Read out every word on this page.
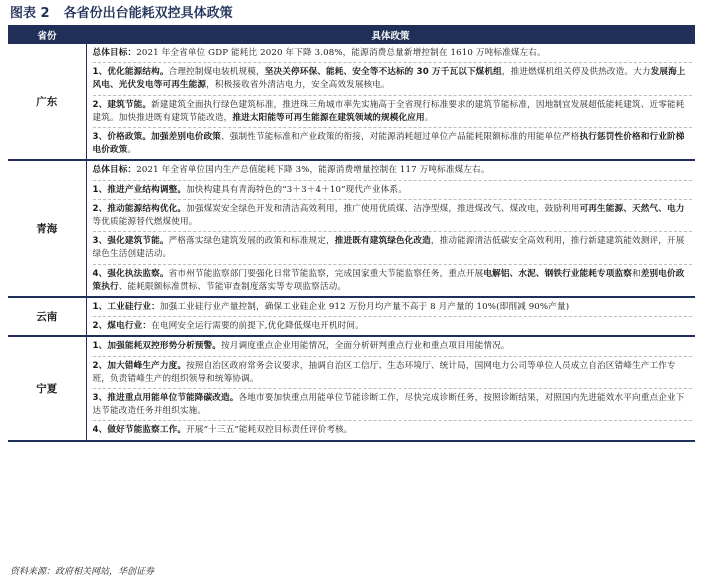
图表 2 各省份出台能耗双控具体政策
省份	具体政策
广东	总体目标：2021 年全省单位 GDP 能耗比 2020 年下降 3.08%，能源消费总量新增控制在 1610 万吨标准煤左右。
1、优化能源结构。合理控制煤电装机规模，坚决关停环保、能耗、安全等不达标的 30 万千瓦以下煤机组，推进燃煤机组关停及供热改造。大力发展海上风电、光伏发电等可再生能源，积极接收省外清洁电力，安全高效发展核电。
2、建筑节能。新建建筑全面执行绿色建筑标准，推进珠三角城市率先实施高于全省现行标准要求的建筑节能标准，因地制宜发展超低能耗建筑、近零能耗建筑。加快推进既有建筑节能改造，推进太阳能等可再生能源在建筑领域的规模化应用。
3、价格政策。加强差别电价政策、强制性节能标准和产业政策的衔接，对能源消耗超过单位产品能耗限额标准的用能单位严格执行惩罚性价格和行业阶梯电价政策。

青海	总体目标：2021 年全省单位国内生产总值能耗下降 3%，能源消费增量控制在 117 万吨标准煤左右。
1、推进产业结构调整。加快构建具有青海特色的“3＋3＋4＋10”现代产业体系。
2、推动能源结构优化。加强煤炭安全绿色开发和清洁高效利用，推广使用优质煤、洁净型煤，推进煤改气、煤改电，鼓励利用可再生能源、天然气、电力等优质能源替代燃煤使用。
3、强化建筑节能。严格落实绿色建筑发展的政策和标准规定，推进既有建筑绿色化改造，推动能源清洁低碳安全高效利用，推行新建建筑能效测评，开展绿色生活创建活动。
4、强化执法监察。省市州节能监察部门要强化日常节能监察，完成国家重大节能监察任务，重点开展电解铝、水泥、钢铁行业能耗专项监察和差别电价政策执行、能耗限额标准贯标、节能审查制度落实等专项监察活动。

云南	1、工业硅行业：加强工业硅行业产量控制，确保工业硅企业 912 万份月均产量不高于 8 月产量的 10%(即削减 90%产量)
2、煤电行业：在电网安全运行需要的前提下,优化降低煤电开机时间。

宁夏	1、加强能耗双控形势分析预警。按月调度重点企业用能情况，全面分析研判重点行业和重点项目用能情况。
2、加大错峰生产力度。按照自治区政府常务会议要求，抽调自治区工信厅、生态环境厅、统计局，国网电力公司等单位人员成立自治区错峰生产工作专班，负责错峰生产的组织领导和统筹协调。
3、推进重点用能单位节能降碳改造。各地市要加快重点用能单位节能诊断工作，尽快完成诊断任务，按照诊断结果，对照国内先进能效水平向重点企业下达节能改造任务并组织实施。
4、做好节能监察工作。开展“十三五”能耗双控目标责任评价考核。
资料来源：政府相关网站，华创证券
